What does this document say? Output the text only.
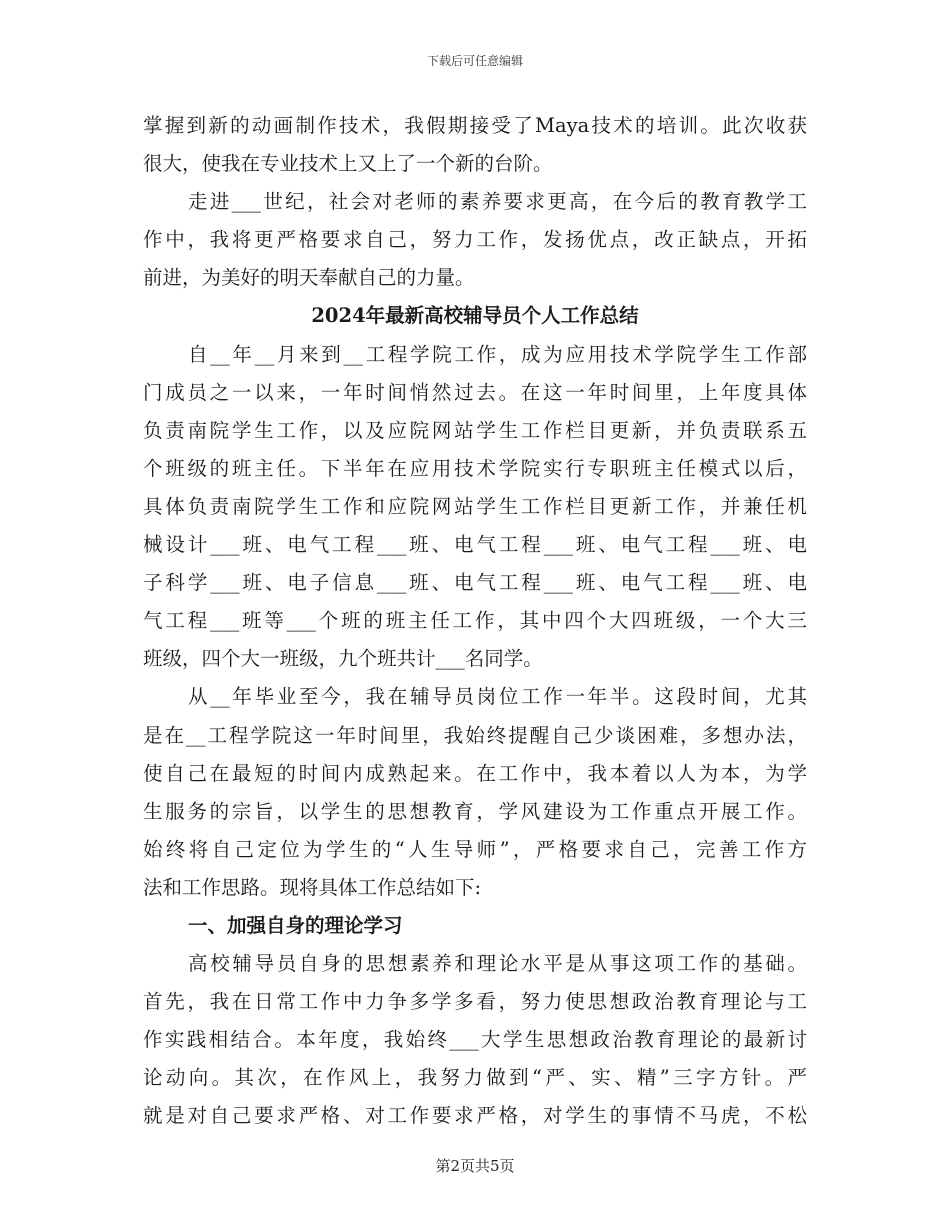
下载后可任意编辑
掌握到新的动画制作技术，我假期接受了Maya技术的培训。此次收获
很大，使我在专业技术上又上了一个新的台阶。
走进___世纪，社会对老师的素养要求更高，在今后的教育教学工
作中，我将更严格要求自己，努力工作，发扬优点，改正缺点，开拓
前进，为美好的明天奉献自己的力量。
2024年最新高校辅导员个人工作总结
自__年__月来到__工程学院工作，成为应用技术学院学生工作部
门成员之一以来，一年时间悄然过去。在这一年时间里，上年度具体
负责南院学生工作，以及应院网站学生工作栏目更新，并负责联系五
个班级的班主任。下半年在应用技术学院实行专职班主任模式以后，
具体负责南院学生工作和应院网站学生工作栏目更新工作，并兼任机
械设计___班、电气工程___班、电气工程___班、电气工程___班、电
子科学___班、电子信息___班、电气工程___班、电气工程___班、电
气工程___班等___个班的班主任工作，其中四个大四班级，一个大三
班级，四个大一班级，九个班共计___名同学。
从__年毕业至今，我在辅导员岗位工作一年半。这段时间，尤其
是在__工程学院这一年时间里，我始终提醒自己少谈困难，多想办法，
使自己在最短的时间内成熟起来。在工作中，我本着以人为本，为学
生服务的宗旨，以学生的思想教育，学风建设为工作重点开展工作。
始终将自己定位为学生的“人生导师”，严格要求自己，完善工作方
法和工作思路。现将具体工作总结如下:
一、加强自身的理论学习
高校辅导员自身的思想素养和理论水平是从事这项工作的基础。
首先，我在日常工作中力争多学多看，努力使思想政治教育理论与工
作实践相结合。本年度，我始终___大学生思想政治教育理论的最新讨
论动向。其次，在作风上，我努力做到“严、实、精”三字方针。严
就是对自己要求严格、对工作要求严格，对学生的事情不马虎，不松
第2页共5页
